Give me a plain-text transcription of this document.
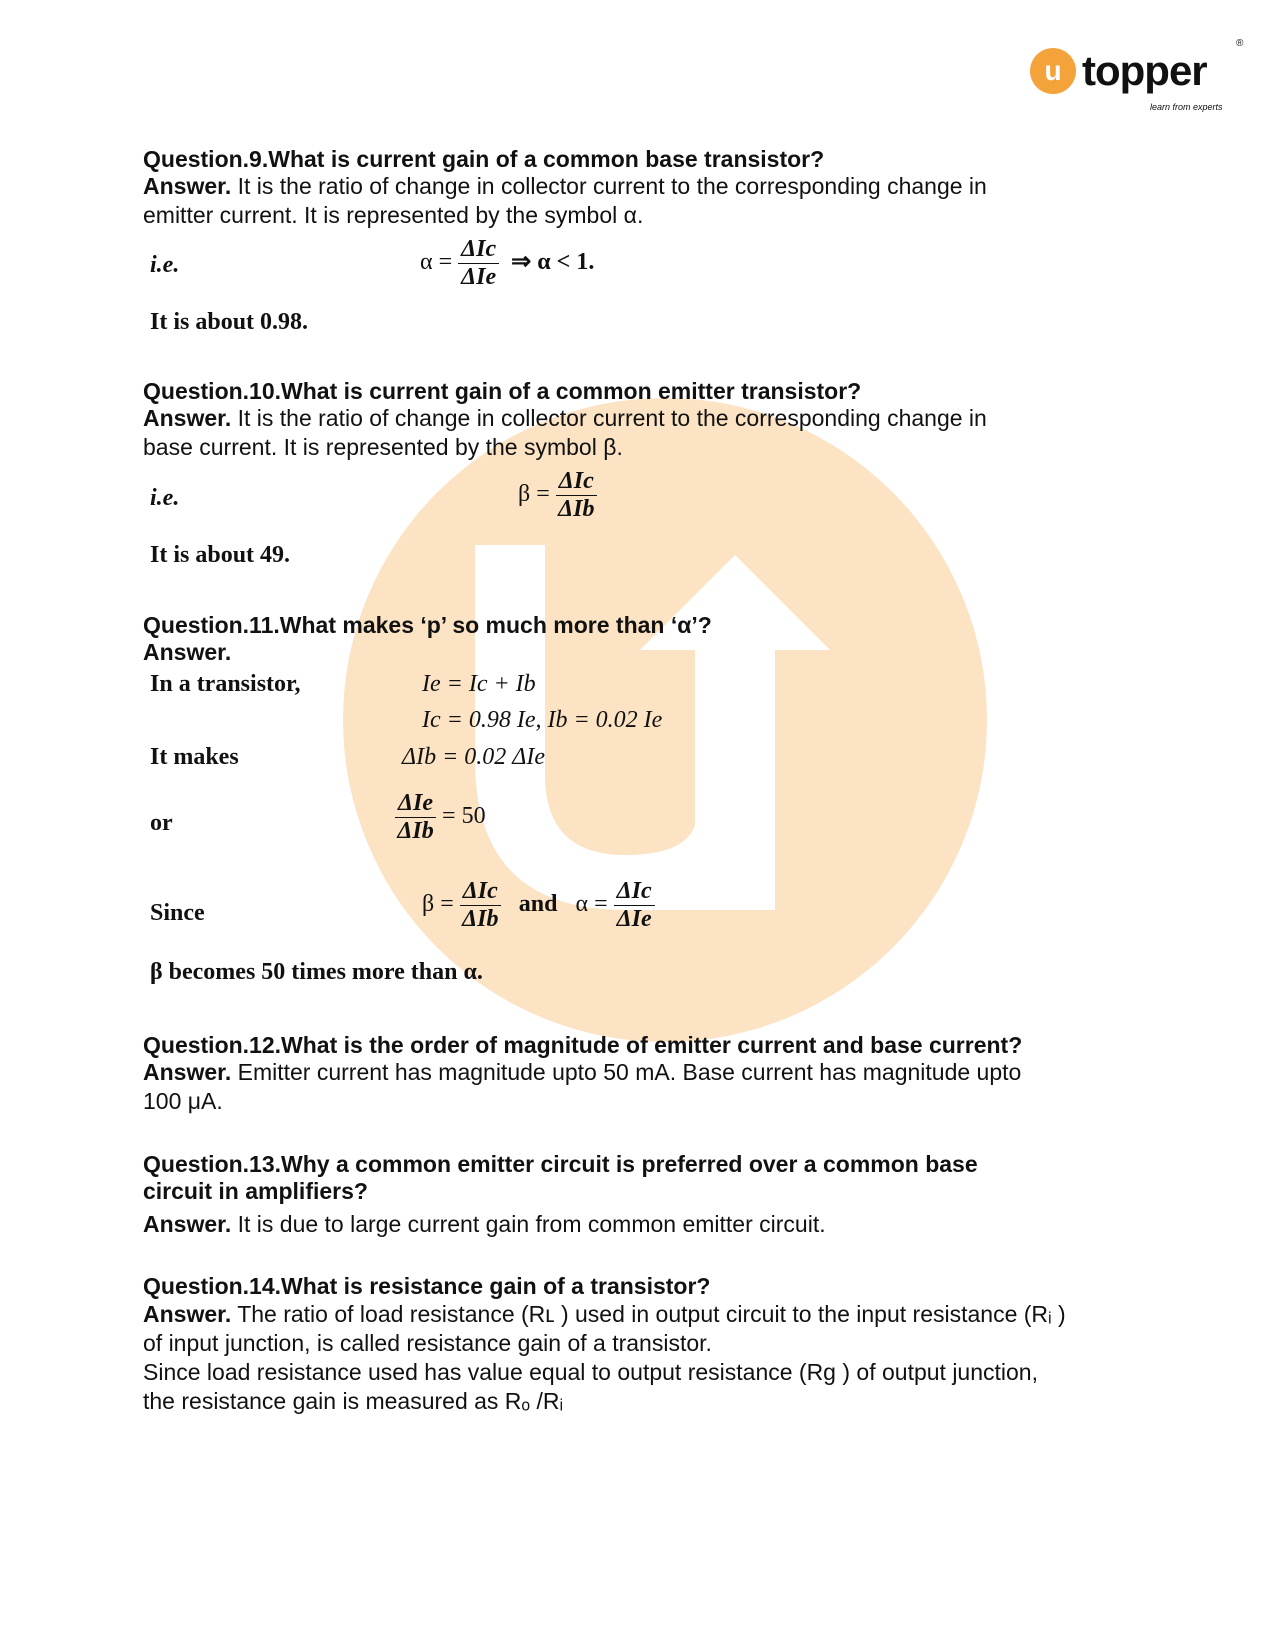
u topper
learn from experts
®
Question.9.What is current gain of a common base transistor?
Answer. It is the ratio of change in collector current to the corresponding change in emitter current. It is represented by the symbol α.
i.e.	$\alpha = \frac{\text{ΔIc}}{\text{ΔIe}}$ ⇒ α < 1.
It is about 0.98.
Question.10.What is current gain of a common emitter transistor?
Answer. It is the ratio of change in collector current to the corresponding change in base current. It is represented by the symbol β.
i.e.	$\beta = \frac{\text{ΔIc}}{\text{ΔIb}}$
It is about 49.
Question.11.What makes ‘p’ so much more than ‘α’?
Answer.
In a transistor,	Ie = Ic + Ib
Ic = 0.98 Ie, Ib = 0.02 Ie
It makes	ΔIb = 0.02 ΔIe
or	$\frac{\text{ΔIe}}{\text{ΔIb}} = 50$
Since	$\beta = \frac{\text{ΔIc}}{\text{ΔIb}}$ and $\alpha = \frac{\text{ΔIc}}{\text{ΔIe}}$
β becomes 50 times more than α.
Question.12.What is the order of magnitude of emitter current and base current?
Answer. Emitter current has magnitude upto 50 mA. Base current has magnitude upto 100 μA.
Question.13.Why a common emitter circuit is preferred over a common base circuit in amplifiers?
Answer. It is due to large current gain from common emitter circuit.
Question.14.What is resistance gain of a transistor?
Answer. The ratio of load resistance (Rʟ ) used in output circuit to the input resistance (Rᵢ ) of input junction, is called resistance gain of a transistor.
Since load resistance used has value equal to output resistance (Rg ) of output junction, the resistance gain is measured as Rₒ /Rᵢ
